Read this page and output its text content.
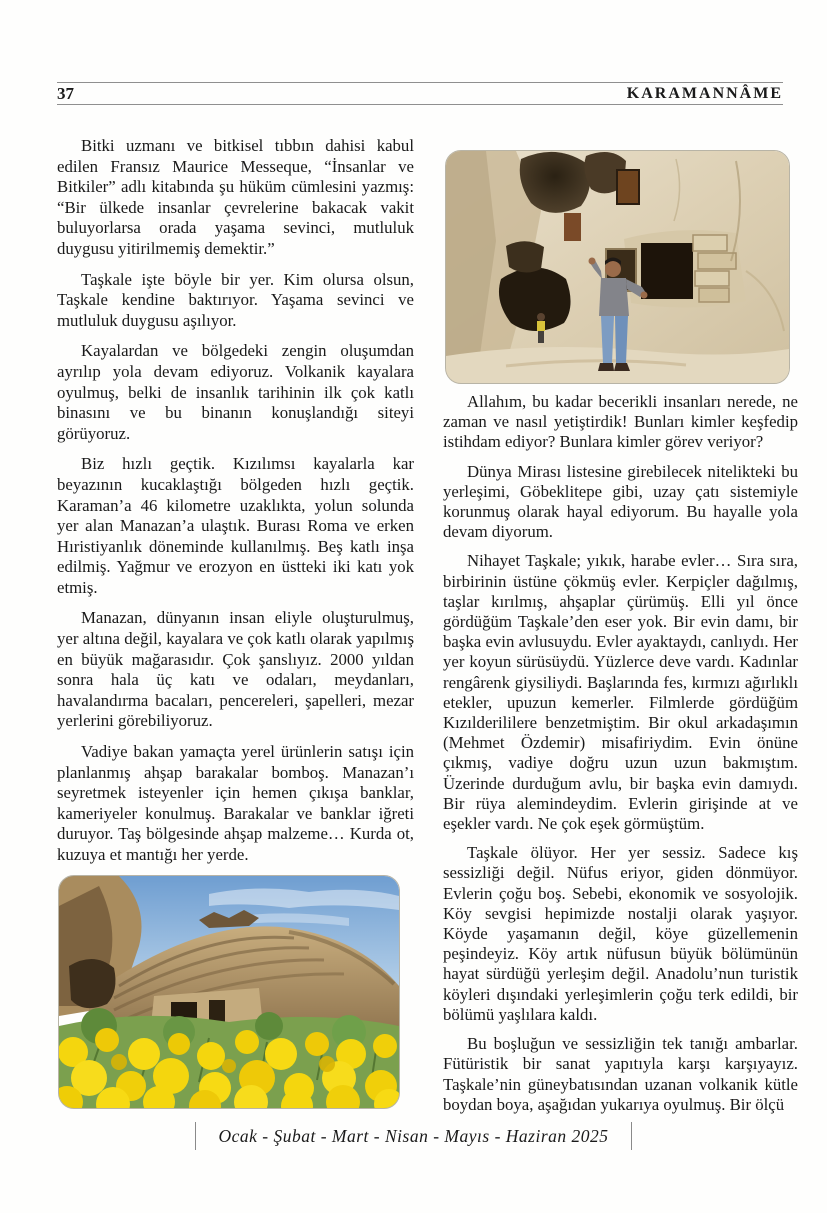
37	KARAMANNÂME

Bitki uzmanı ve bitkisel tıbbın dahisi kabul edilen Fransız Maurice Messeque, “İnsanlar ve Bitkiler” adlı kitabında şu hüküm cümlesini yazmış: “Bir ülkede insanlar çevrelerine bakacak vakit buluyorlarsa orada yaşama sevinci, mutluluk duygusu yitirilmemiş demektir.”

Taşkale işte böyle bir yer. Kim olursa olsun, Taşkale kendine baktırıyor. Yaşama sevinci ve mutluluk duygusu aşılıyor.

Kayalardan ve bölgedeki zengin oluşumdan ayrılıp yola devam ediyoruz. Volkanik kayalara oyulmuş, belki de insanlık tarihinin ilk çok katlı binasını ve bu binanın konuşlandığı siteyi görüyoruz.

Biz hızlı geçtik. Kızılımsı kayalarla kar beyazının kucaklaştığı bölgeden hızlı geçtik. Karaman’a 46 kilometre uzaklıkta, yolun solunda yer alan Manazan’a ulaştık. Burası Roma ve erken Hıristiyanlık döneminde kullanılmış. Beş katlı inşa edilmiş. Yağmur ve erozyon en üstteki iki katı yok etmiş.

Manazan, dünyanın insan eliyle oluşturulmuş, yer altına değil, kayalara ve çok katlı olarak yapılmış en büyük mağarasıdır. Çok şanslıyız. 2000 yıldan sonra hala üç katı ve odaları, meydanları, havalandırma bacaları, pencereleri, şapelleri, mezar yerlerini görebiliyoruz.

Vadiye bakan yamaçta yerel ürünlerin satışı için planlanmış ahşap barakalar bomboş. Manazan’ı seyretmek isteyenler için hemen çıkışa banklar, kameriyeler konulmuş. Barakalar ve banklar iğreti duruyor. Taş bölgesinde ahşap malzeme… Kurda ot, kuzuya et mantığı her yerde.

Allahım, bu kadar becerikli insanları nerede, ne zaman ve nasıl yetiştirdik! Bunları kimler keşfedip istihdam ediyor? Bunlara kimler görev veriyor?

Dünya Mirası listesine girebilecek nitelikteki bu yerleşimi, Göbeklitepe gibi, uzay çatı sistemiyle korunmuş olarak hayal ediyorum. Bu hayalle yola devam diyorum.

Nihayet Taşkale; yıkık, harabe evler… Sıra sıra, birbirinin üstüne çökmüş evler. Kerpiçler dağılmış, taşlar kırılmış, ahşaplar çürümüş. Elli yıl önce gördüğüm Taşkale’den eser yok. Bir evin damı, bir başka evin avlusuydu. Evler ayaktaydı, canlıydı. Her yer koyun sürüsüydü. Yüzlerce deve vardı. Kadınlar rengârenk giysiliydi. Başlarında fes, kırmızı ağırlıklı etekler, upuzun kemerler. Filmlerde gördüğüm Kızılderililere benzetmiştim. Bir okul arkadaşımın (Mehmet Özdemir) misafiriydim. Evin önüne çıkmış, vadiye doğru uzun uzun bakmıştım. Üzerinde durduğum avlu, bir başka evin damıydı. Bir rüya alemindeydim. Evlerin girişinde at ve eşekler vardı. Ne çok eşek görmüştüm.

Taşkale ölüyor. Her yer sessiz. Sadece kış sessizliği değil. Nüfus eriyor, giden dönmüyor. Evlerin çoğu boş. Sebebi, ekonomik ve sosyolojik. Köy sevgisi hepimizde nostalji olarak yaşıyor. Köyde yaşamanın değil, köye güzellemenin peşindeyiz. Köy artık nüfusun büyük bölümünün hayat sürdüğü yerleşim değil. Anadolu’nun turistik köyleri dışındaki yerleşimlerin çoğu terk edildi, bir bölümü yaşlılara kaldı.

Bu boşluğun ve sessizliğin tek tanığı ambarlar. Fütüristik bir sanat yapıtıyla karşı karşıyayız. Taşkale’nin güneybatısından uzanan volkanik kütle boydan boya, aşağıdan yukarıya oyulmuş. Bir ölçü

Ocak - Şubat - Mart - Nisan - Mayıs - Haziran 2025
